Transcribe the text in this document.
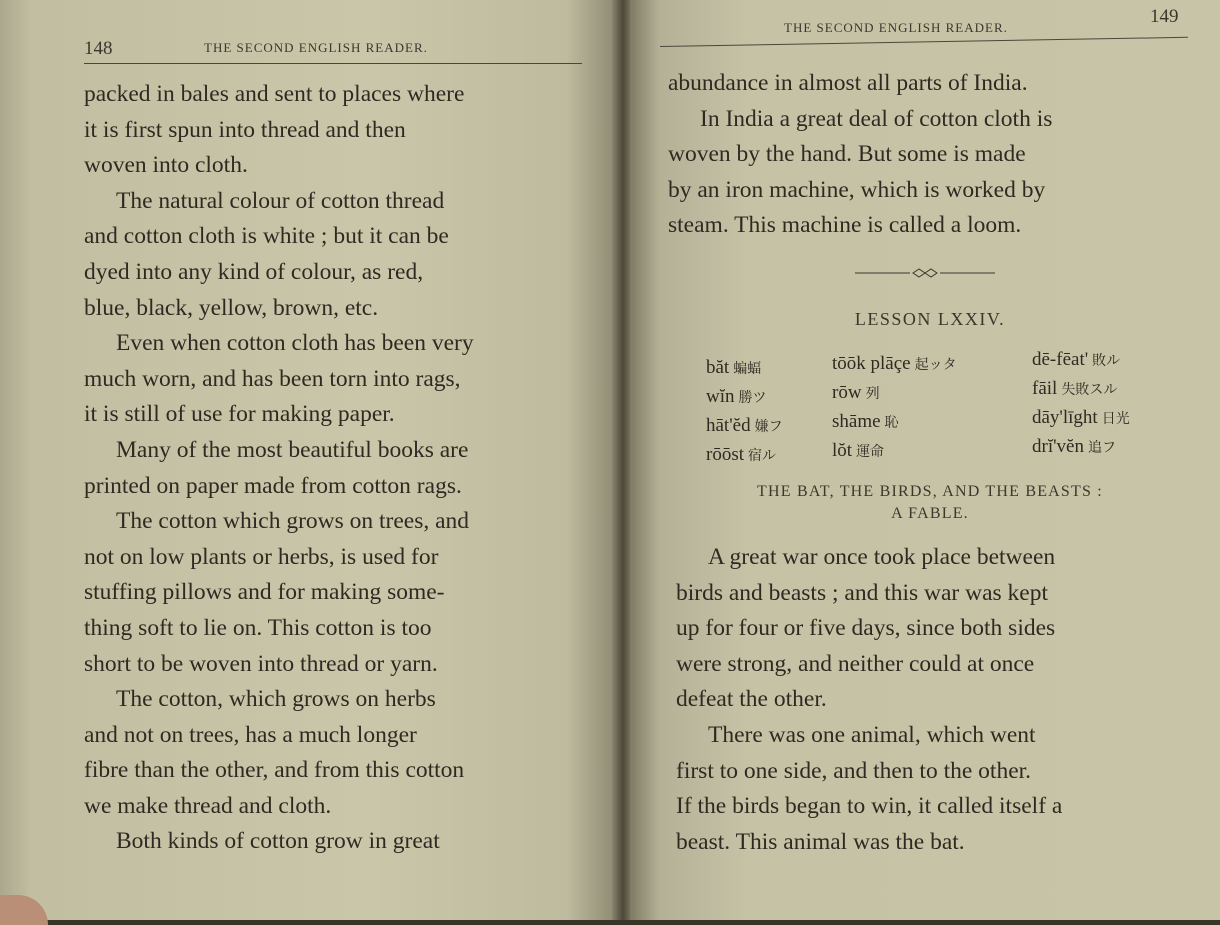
148	THE SECOND ENGLISH READER.
packed in bales and sent to places where
it is first spun into thread and then
woven into cloth.
The natural colour of cotton thread
and cotton cloth is white ; but it can be
dyed into any kind of colour, as red,
blue, black, yellow, brown, etc.
Even when cotton cloth has been very
much worn, and has been torn into rags,
it is still of use for making paper.
Many of the most beautiful books are
printed on paper made from cotton rags.
The cotton which grows on trees, and
not on low plants or herbs, is used for
stuffing pillows and for making some-
thing soft to lie on. This cotton is too
short to be woven into thread or yarn.
The cotton, which grows on herbs
and not on trees, has a much longer
fibre than the other, and from this cotton
we make thread and cloth.
Both kinds of cotton grow in great
THE SECOND ENGLISH READER.
149
abundance in almost all parts of India.
In India a great deal of cotton cloth is
woven by the hand. But some is made
by an iron machine, which is worked by
steam. This machine is called a loom.
LESSON LXXIV.
băt 蝙蝠
wĭn 勝ツ
hāt'ĕd 嫌フ
rōōst 宿ル
tōōk plāçe 起ッタ
rōw 列
shāme 恥
lŏt 運命
dē-fēat' 敗ル
fāil 失敗スル
dāy'līght 日光
drĭ'vĕn 追フ
THE BAT, THE BIRDS, AND THE BEASTS :
A FABLE.
A great war once took place between
birds and beasts ; and this war was kept
up for four or five days, since both sides
were strong, and neither could at once
defeat the other.
There was one animal, which went
first to one side, and then to the other.
If the birds began to win, it called itself a
beast. This animal was the bat.
